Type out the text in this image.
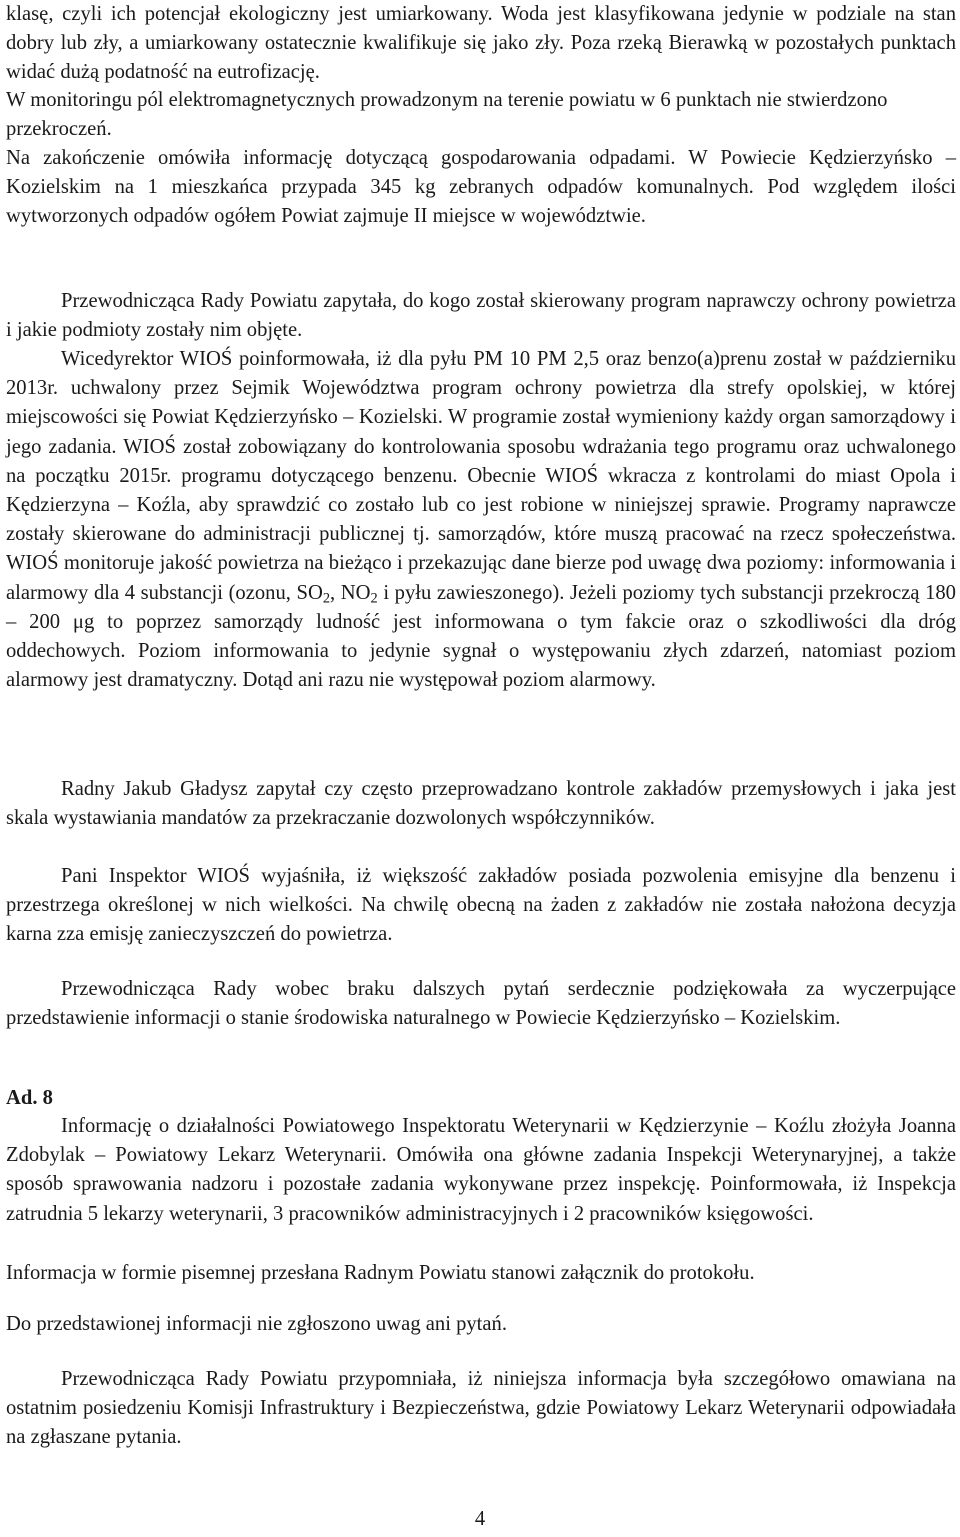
klasę, czyli ich potencjał ekologiczny jest umiarkowany. Woda jest klasyfikowana jedynie w podziale na stan dobry lub zły, a umiarkowany ostatecznie kwalifikuje się jako zły. Poza rzeką Bierawką w pozostałych punktach widać dużą podatność na eutrofizację.

W monitoringu pól elektromagnetycznych prowadzonym na terenie powiatu w 6 punktach nie stwierdzono przekroczeń.

Na zakończenie omówiła informację dotyczącą gospodarowania odpadami. W Powiecie Kędzierzyńsko – Kozielskim na 1 mieszkańca przypada 345 kg zebranych odpadów komunalnych. Pod względem ilości wytworzonych odpadów ogółem Powiat zajmuje II miejsce w województwie.

Przewodnicząca Rady Powiatu zapytała, do kogo został skierowany program naprawczy ochrony powietrza i jakie podmioty zostały nim objęte.

Wicedyrektor WIOŚ poinformowała, iż dla pyłu PM 10 PM 2,5 oraz benzo(a)prenu został w październiku 2013r. uchwalony przez Sejmik Województwa program ochrony powietrza dla strefy opolskiej, w której miejscowości się Powiat Kędzierzyńsko – Kozielski. W programie został wymieniony każdy organ samorządowy i jego zadania. WIOŚ został zobowiązany do kontrolowania sposobu wdrażania tego programu oraz uchwalonego na początku 2015r. programu dotyczącego benzenu. Obecnie WIOŚ wkracza z kontrolami do miast Opola i Kędzierzyna – Koźla, aby sprawdzić co zostało lub co jest robione w niniejszej sprawie. Programy naprawcze zostały skierowane do administracji publicznej tj. samorządów, które muszą pracować na rzecz społeczeństwa. WIOŚ monitoruje jakość powietrza na bieżąco i przekazując dane bierze pod uwagę dwa poziomy: informowania i alarmowy dla 4 substancji (ozonu, $SO_2$, $NO_2$ i pyłu zawieszonego). Jeżeli poziomy tych substancji przekroczą 180 – 200 μg to poprzez samorządy ludność jest informowana o tym fakcie oraz o szkodliwości dla dróg oddechowych. Poziom informowania to jedynie sygnał o występowaniu złych zdarzeń, natomiast poziom alarmowy jest dramatyczny. Dotąd ani razu nie występował poziom alarmowy.

Radny Jakub Gładysz zapytał czy często przeprowadzano kontrole zakładów przemysłowych i jaka jest skala wystawiania mandatów za przekraczanie dozwolonych współczynników.

Pani Inspektor WIOŚ wyjaśniła, iż większość zakładów posiada pozwolenia emisyjne dla benzenu i przestrzega określonej w nich wielkości. Na chwilę obecną na żaden z zakładów nie została nałożona decyzja karna zza emisję zanieczyszczeń do powietrza.

Przewodnicząca Rady wobec braku dalszych pytań serdecznie podziękowała za wyczerpujące przedstawienie informacji o stanie środowiska naturalnego w Powiecie Kędzierzyńsko – Kozielskim.

Ad. 8

Informację o działalności Powiatowego Inspektoratu Weterynarii w Kędzierzynie – Koźlu złożyła Joanna Zdobylak – Powiatowy Lekarz Weterynarii. Omówiła ona główne zadania Inspekcji Weterynaryjnej, a także sposób sprawowania nadzoru i pozostałe zadania wykonywane przez inspekcję. Poinformowała, iż Inspekcja zatrudnia 5 lekarzy weterynarii, 3 pracowników administracyjnych i 2 pracowników księgowości.

Informacja w formie pisemnej przesłana Radnym Powiatu stanowi załącznik do protokołu.

Do przedstawionej informacji nie zgłoszono uwag ani pytań.

Przewodnicząca Rady Powiatu przypomniała, iż niniejsza informacja była szczegółowo omawiana na ostatnim posiedzeniu Komisji Infrastruktury i Bezpieczeństwa, gdzie Powiatowy Lekarz Weterynarii odpowiadała na zgłaszane pytania.

4
